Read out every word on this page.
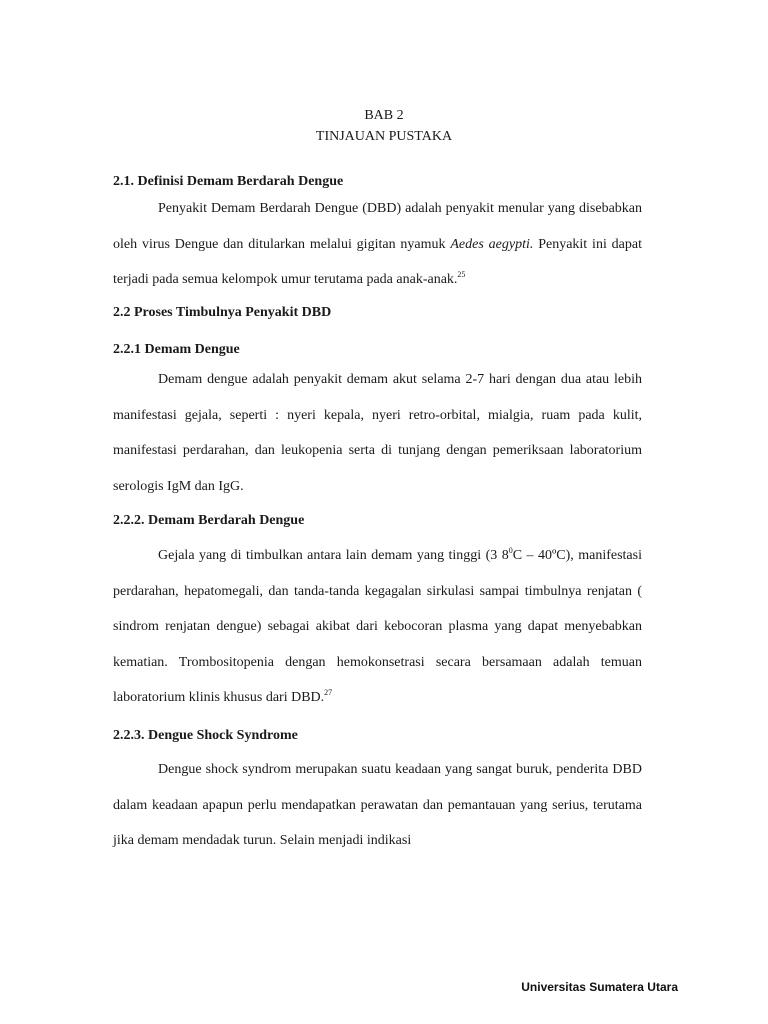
BAB 2
TINJAUAN PUSTAKA
2.1. Definisi Demam Berdarah Dengue

Penyakit Demam Berdarah Dengue (DBD) adalah penyakit menular yang disebabkan oleh virus Dengue dan ditularkan melalui gigitan nyamuk Aedes aegypti. Penyakit ini dapat terjadi pada semua kelompok umur terutama pada anak-anak.$^{25}$

2.2 Proses Timbulnya Penyakit DBD
2.2.1 Demam Dengue

Demam dengue adalah penyakit demam akut selama 2-7 hari dengan dua atau lebih manifestasi gejala, seperti : nyeri kepala, nyeri retro-orbital, mialgia, ruam pada kulit, manifestasi perdarahan, dan leukopenia serta di tunjang dengan pemeriksaan laboratorium serologis IgM dan IgG.

2.2.2. Demam Berdarah Dengue

Gejala yang di timbulkan antara lain demam yang tinggi (3 $8^0C$ – 40ºC), manifestasi perdarahan, hepatomegali, dan tanda-tanda kegagalan sirkulasi sampai timbulnya renjatan ( sindrom renjatan dengue) sebagai akibat dari kebocoran plasma yang dapat menyebabkan kematian. Trombositopenia dengan hemokonsetrasi secara bersamaan adalah temuan laboratorium klinis khusus dari DBD.$^{27}$

2.2.3. Dengue Shock Syndrome

Dengue shock syndrom merupakan suatu keadaan yang sangat buruk, penderita DBD dalam keadaan apapun perlu mendapatkan perawatan dan pemantauan yang serius, terutama jika demam mendadak turun. Selain menjadi indikasi

Universitas Sumatera Utara
